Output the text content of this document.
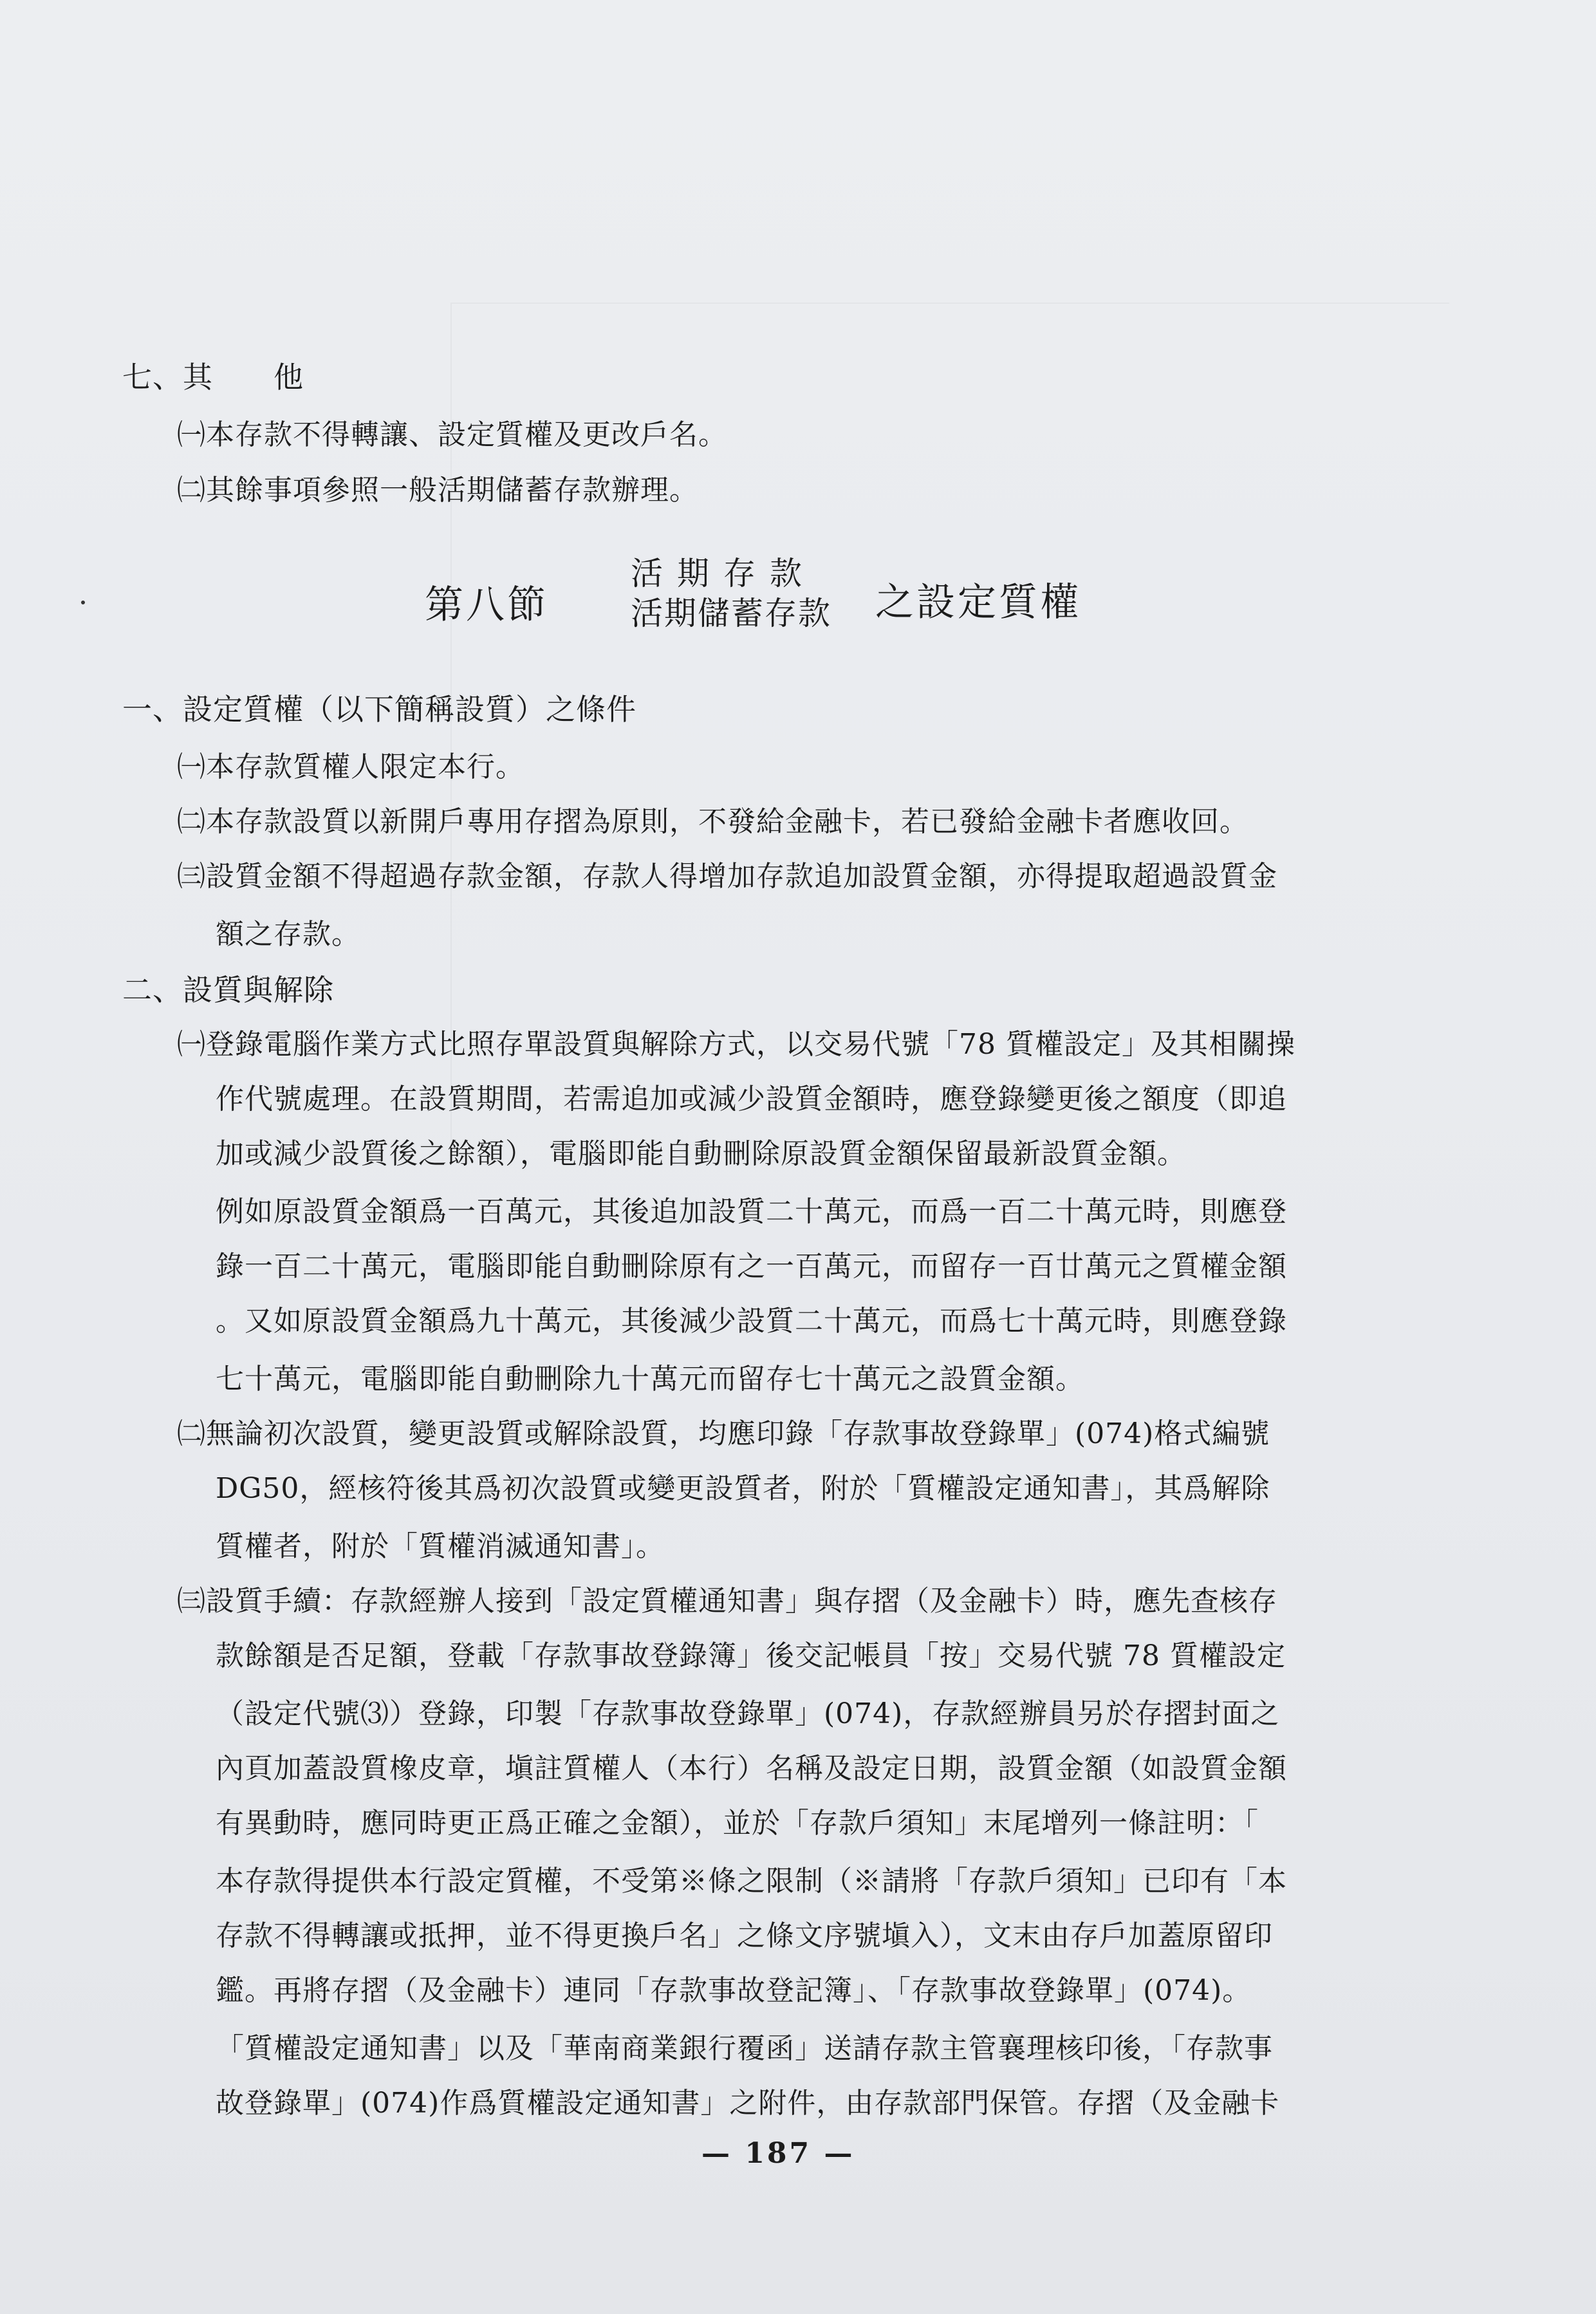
七、其　　他
㈠本存款不得轉讓、設定質權及更改戶名。
㈡其餘事項參照一般活期儲蓄存款辦理。
第八節
活期存款
活期儲蓄存款 之設定質權
一、設定質權（以下簡稱設質）之條件
㈠本存款質權人限定本行。
㈡本存款設質以新開戶專用存摺為原則，不發給金融卡，若已發給金融卡者應收回。
㈢設質金額不得超過存款金額，存款人得增加存款追加設質金額，亦得提取超過設質金
額之存款。
二、設質與解除
㈠登錄電腦作業方式比照存單設質與解除方式，以交易代號「78 質權設定」及其相關操
作代號處理。在設質期間，若需追加或減少設質金額時，應登錄變更後之額度（即追
加或減少設質後之餘額），電腦即能自動刪除原設質金額保留最新設質金額。
例如原設質金額爲一百萬元，其後追加設質二十萬元，而爲一百二十萬元時，則應登
錄一百二十萬元，電腦即能自動刪除原有之一百萬元，而留存一百廿萬元之質權金額
。又如原設質金額爲九十萬元，其後減少設質二十萬元，而爲七十萬元時，則應登錄
七十萬元，電腦即能自動刪除九十萬元而留存七十萬元之設質金額。
㈡無論初次設質，變更設質或解除設質，均應印錄「存款事故登錄單」(074)格式編號
DG50，經核符後其爲初次設質或變更設質者，附於「質權設定通知書」，其爲解除
質權者，附於「質權消滅通知書」。
㈢設質手續：存款經辦人接到「設定質權通知書」與存摺（及金融卡）時，應先查核存
款餘額是否足額，登載「存款事故登錄簿」後交記帳員「按」交易代號 78 質權設定
（設定代號⑶）登錄，印製「存款事故登錄單」(074)，存款經辦員另於存摺封面之
內頁加蓋設質橡皮章，塡註質權人（本行）名稱及設定日期，設質金額（如設質金額
有異動時，應同時更正爲正確之金額），並於「存款戶須知」末尾增列一條註明：「
本存款得提供本行設定質權，不受第※條之限制（※請將「存款戶須知」已印有「本
存款不得轉讓或抵押，並不得更換戶名」之條文序號塡入），文末由存戶加蓋原留印
鑑。再將存摺（及金融卡）連同「存款事故登記簿」、「存款事故登錄單」(074)。
「質權設定通知書」以及「華南商業銀行覆函」送請存款主管襄理核印後，「存款事
故登錄單」(074)作爲質權設定通知書」之附件，由存款部門保管。存摺（及金融卡
— 187 —
